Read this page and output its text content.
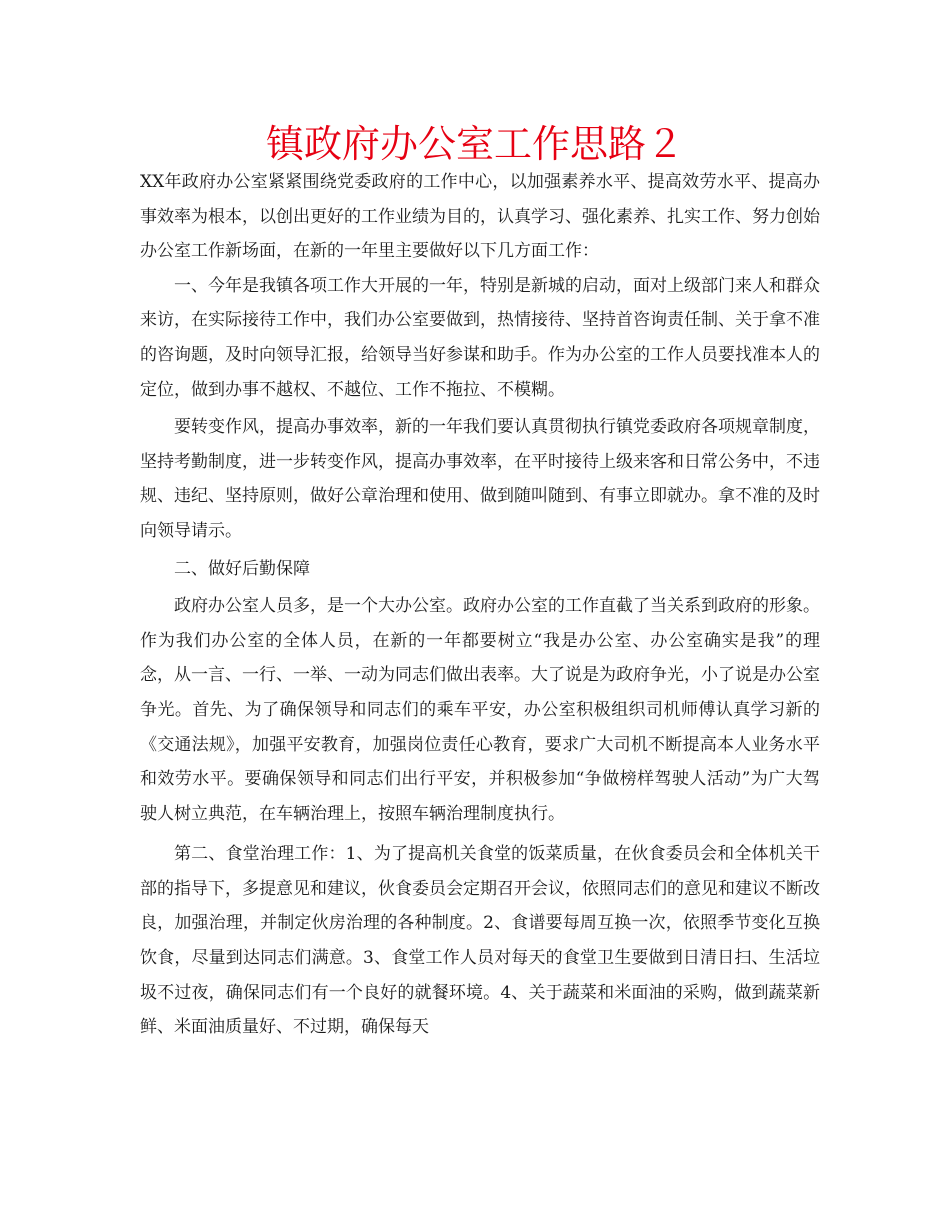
镇政府办公室工作思路２

XX年政府办公室紧紧围绕党委政府的工作中心，以加强素养水平、提高效劳水平、提高办事效率为根本，以创出更好的工作业绩为目的，认真学习、强化素养、扎实工作、努力创始办公室工作新场面，在新的一年里主要做好以下几方面工作：

一、今年是我镇各项工作大开展的一年，特别是新城的启动，面对上级部门来人和群众来访，在实际接待工作中，我们办公室要做到，热情接待、坚持首咨询责任制、关于拿不准的咨询题，及时向领导汇报，给领导当好参谋和助手。作为办公室的工作人员要找准本人的定位，做到办事不越权、不越位、工作不拖拉、不模糊。

要转变作风，提高办事效率，新的一年我们要认真贯彻执行镇党委政府各项规章制度，坚持考勤制度，进一步转变作风，提高办事效率，在平时接待上级来客和日常公务中，不违规、违纪、坚持原则，做好公章治理和使用、做到随叫随到、有事立即就办。拿不准的及时向领导请示。

二、做好后勤保障

政府办公室人员多，是一个大办公室。政府办公室的工作直截了当关系到政府的形象。作为我们办公室的全体人员，在新的一年都要树立“我是办公室、办公室确实是我”的理念，从一言、一行、一举、一动为同志们做出表率。大了说是为政府争光，小了说是办公室争光。首先、为了确保领导和同志们的乘车平安，办公室积极组织司机师傅认真学习新的《交通法规》，加强平安教育，加强岗位责任心教育，要求广大司机不断提高本人业务水平和效劳水平。要确保领导和同志们出行平安，并积极参加“争做榜样驾驶人活动”为广大驾驶人树立典范，在车辆治理上，按照车辆治理制度执行。

第二、食堂治理工作：1、为了提高机关食堂的饭菜质量，在伙食委员会和全体机关干部的指导下，多提意见和建议，伙食委员会定期召开会议，依照同志们的意见和建议不断改良，加强治理，并制定伙房治理的各种制度。2、食谱要每周互换一次，依照季节变化互换饮食，尽量到达同志们满意。3、食堂工作人员对每天的食堂卫生要做到日清日扫、生活垃圾不过夜，确保同志们有一个良好的就餐环境。4、关于蔬菜和米面油的采购，做到蔬菜新鲜、米面油质量好、不过期，确保每天
